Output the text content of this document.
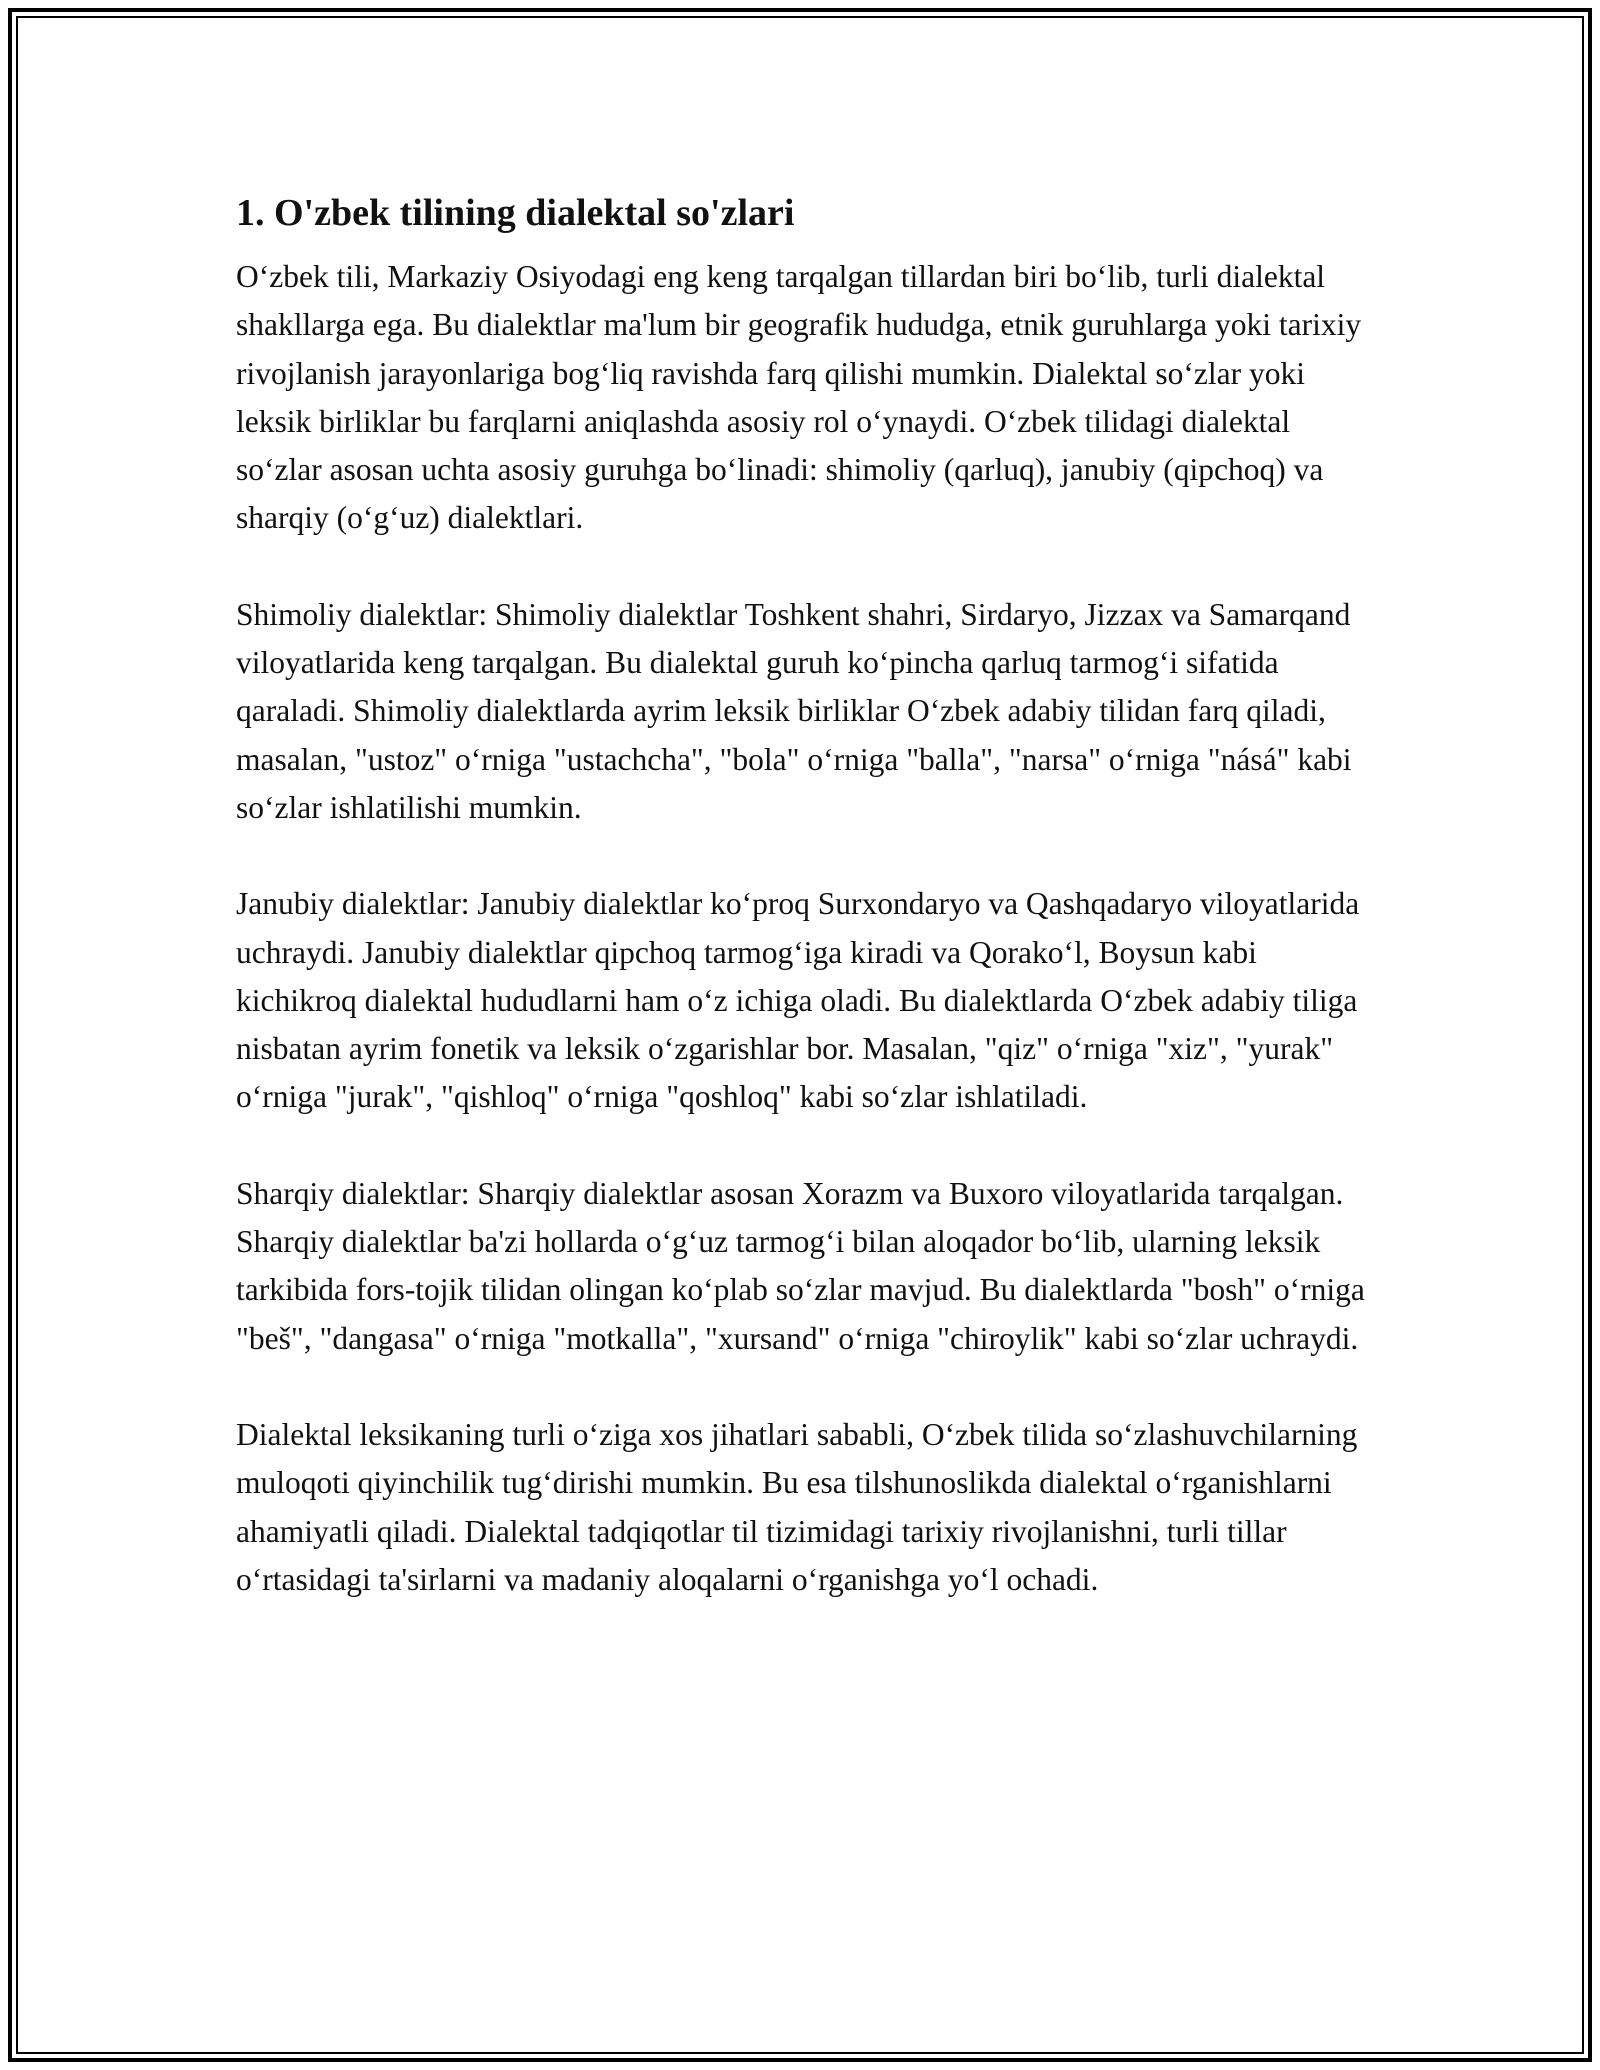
1. O'zbek tilining dialektal so'zlari

O‘zbek tili, Markaziy Osiyodagi eng keng tarqalgan tillardan biri bo‘lib, turli dialektal shakllarga ega. Bu dialektlar ma'lum bir geografik hududga, etnik guruhlarga yoki tarixiy rivojlanish jarayonlariga bog‘liq ravishda farq qilishi mumkin. Dialektal so‘zlar yoki leksik birliklar bu farqlarni aniqlashda asosiy rol o‘ynaydi. O‘zbek tilidagi dialektal so‘zlar asosan uchta asosiy guruhga bo‘linadi: shimoliy (qarluq), janubiy (qipchoq) va sharqiy (o‘g‘uz) dialektlari.

Shimoliy dialektlar: Shimoliy dialektlar Toshkent shahri, Sirdaryo, Jizzax va Samarqand viloyatlarida keng tarqalgan. Bu dialektal guruh ko‘pincha qarluq tarmog‘i sifatida qaraladi. Shimoliy dialektlarda ayrim leksik birliklar O‘zbek adabiy tilidan farq qiladi, masalan, "ustoz" o‘rniga "ustachcha", "bola" o‘rniga "balla", "narsa" o‘rniga "násá" kabi so‘zlar ishlatilishi mumkin.

Janubiy dialektlar: Janubiy dialektlar ko‘proq Surxondaryo va Qashqadaryo viloyatlarida uchraydi. Janubiy dialektlar qipchoq tarmog‘iga kiradi va Qorako‘l, Boysun kabi kichikroq dialektal hududlarni ham o‘z ichiga oladi. Bu dialektlarda O‘zbek adabiy tiliga nisbatan ayrim fonetik va leksik o‘zgarishlar bor. Masalan, "qiz" o‘rniga "xiz", "yurak" o‘rniga "jurak", "qishloq" o‘rniga "qoshloq" kabi so‘zlar ishlatiladi.

Sharqiy dialektlar: Sharqiy dialektlar asosan Xorazm va Buxoro viloyatlarida tarqalgan. Sharqiy dialektlar ba'zi hollarda o‘g‘uz tarmog‘i bilan aloqador bo‘lib, ularning leksik tarkibida fors-tojik tilidan olingan ko‘plab so‘zlar mavjud. Bu dialektlarda "bosh" o‘rniga "beš", "dangasa" o‘rniga "motkalla", "xursand" o‘rniga "chiroylik" kabi so‘zlar uchraydi.

Dialektal leksikaning turli o‘ziga xos jihatlari sababli, O‘zbek tilida so‘zlashuvchilarning muloqoti qiyinchilik tug‘dirishi mumkin. Bu esa tilshunoslikda dialektal o‘rganishlarni ahamiyatli qiladi. Dialektal tadqiqotlar til tizimidagi tarixiy rivojlanishni, turli tillar o‘rtasidagi ta'sirlarni va madaniy aloqalarni o‘rganishga yo‘l ochadi.
